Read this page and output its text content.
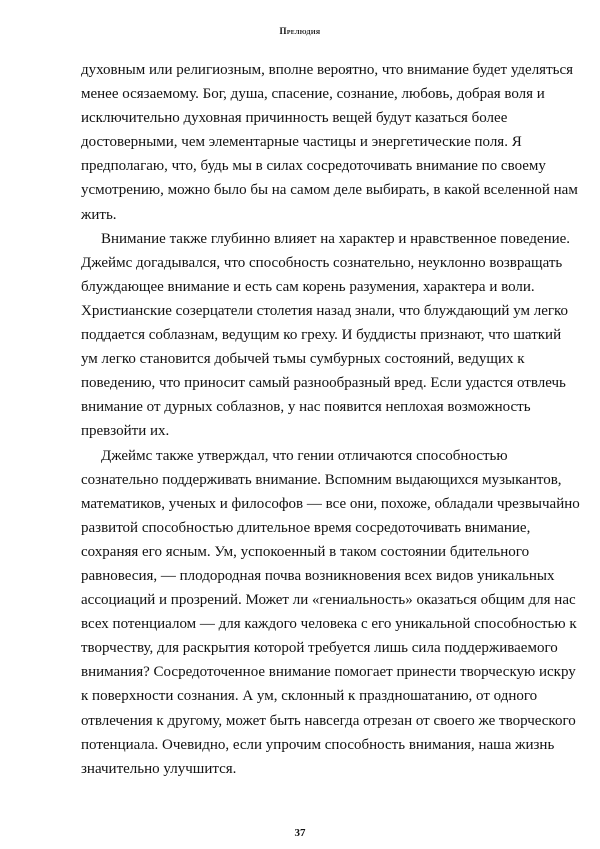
Прелюдия
духовным или религиозным, вполне вероятно, что внимание будет уделяться
менее осязаемому. Бог, душа, спасение, сознание, любовь, добрая воля и
исключительно духовная причинность вещей будут казаться более
достоверными, чем элементарные частицы и энергетические поля. Я
предполагаю, что, будь мы в силах сосредоточивать внимание по своему
усмотрению, можно было бы на самом деле выбирать, в какой вселенной нам
жить.
Внимание также глубинно влияет на характер и нравственное поведение.
Джеймс догадывался, что способность сознательно, неуклонно возвращать
блуждающее внимание и есть сам корень разумения, характера и воли.
Христианские созерцатели столетия назад знали, что блуждающий ум легко
поддается соблазнам, ведущим ко греху. И буддисты признают, что шаткий
ум легко становится добычей тьмы сумбурных состояний, ведущих к
поведению, что приносит самый разнообразный вред. Если удастся отвлечь
внимание от дурных соблазнов, у нас появится неплохая возможность
превзойти их.
Джеймс также утверждал, что гении отличаются способностью
сознательно поддерживать внимание. Вспомним выдающихся музыкантов,
математиков, ученых и философов — все они, похоже, обладали чрезвычайно
развитой способностью длительное время сосредоточивать внимание,
сохраняя его ясным. Ум, успокоенный в таком состоянии бдительного
равновесия, — плодородная почва возникновения всех видов уникальных
ассоциаций и прозрений. Может ли «гениальность» оказаться общим для нас
всех потенциалом — для каждого человека с его уникальной способностью к
творчеству, для раскрытия которой требуется лишь сила поддерживаемого
внимания? Сосредоточенное внимание помогает принести творческую искру
к поверхности сознания. А ум, склонный к праздношатанию, от одного
отвлечения к другому, может быть навсегда отрезан от своего же творческого
потенциала. Очевидно, если упрочим способность внимания, наша жизнь
значительно улучшится.
37
